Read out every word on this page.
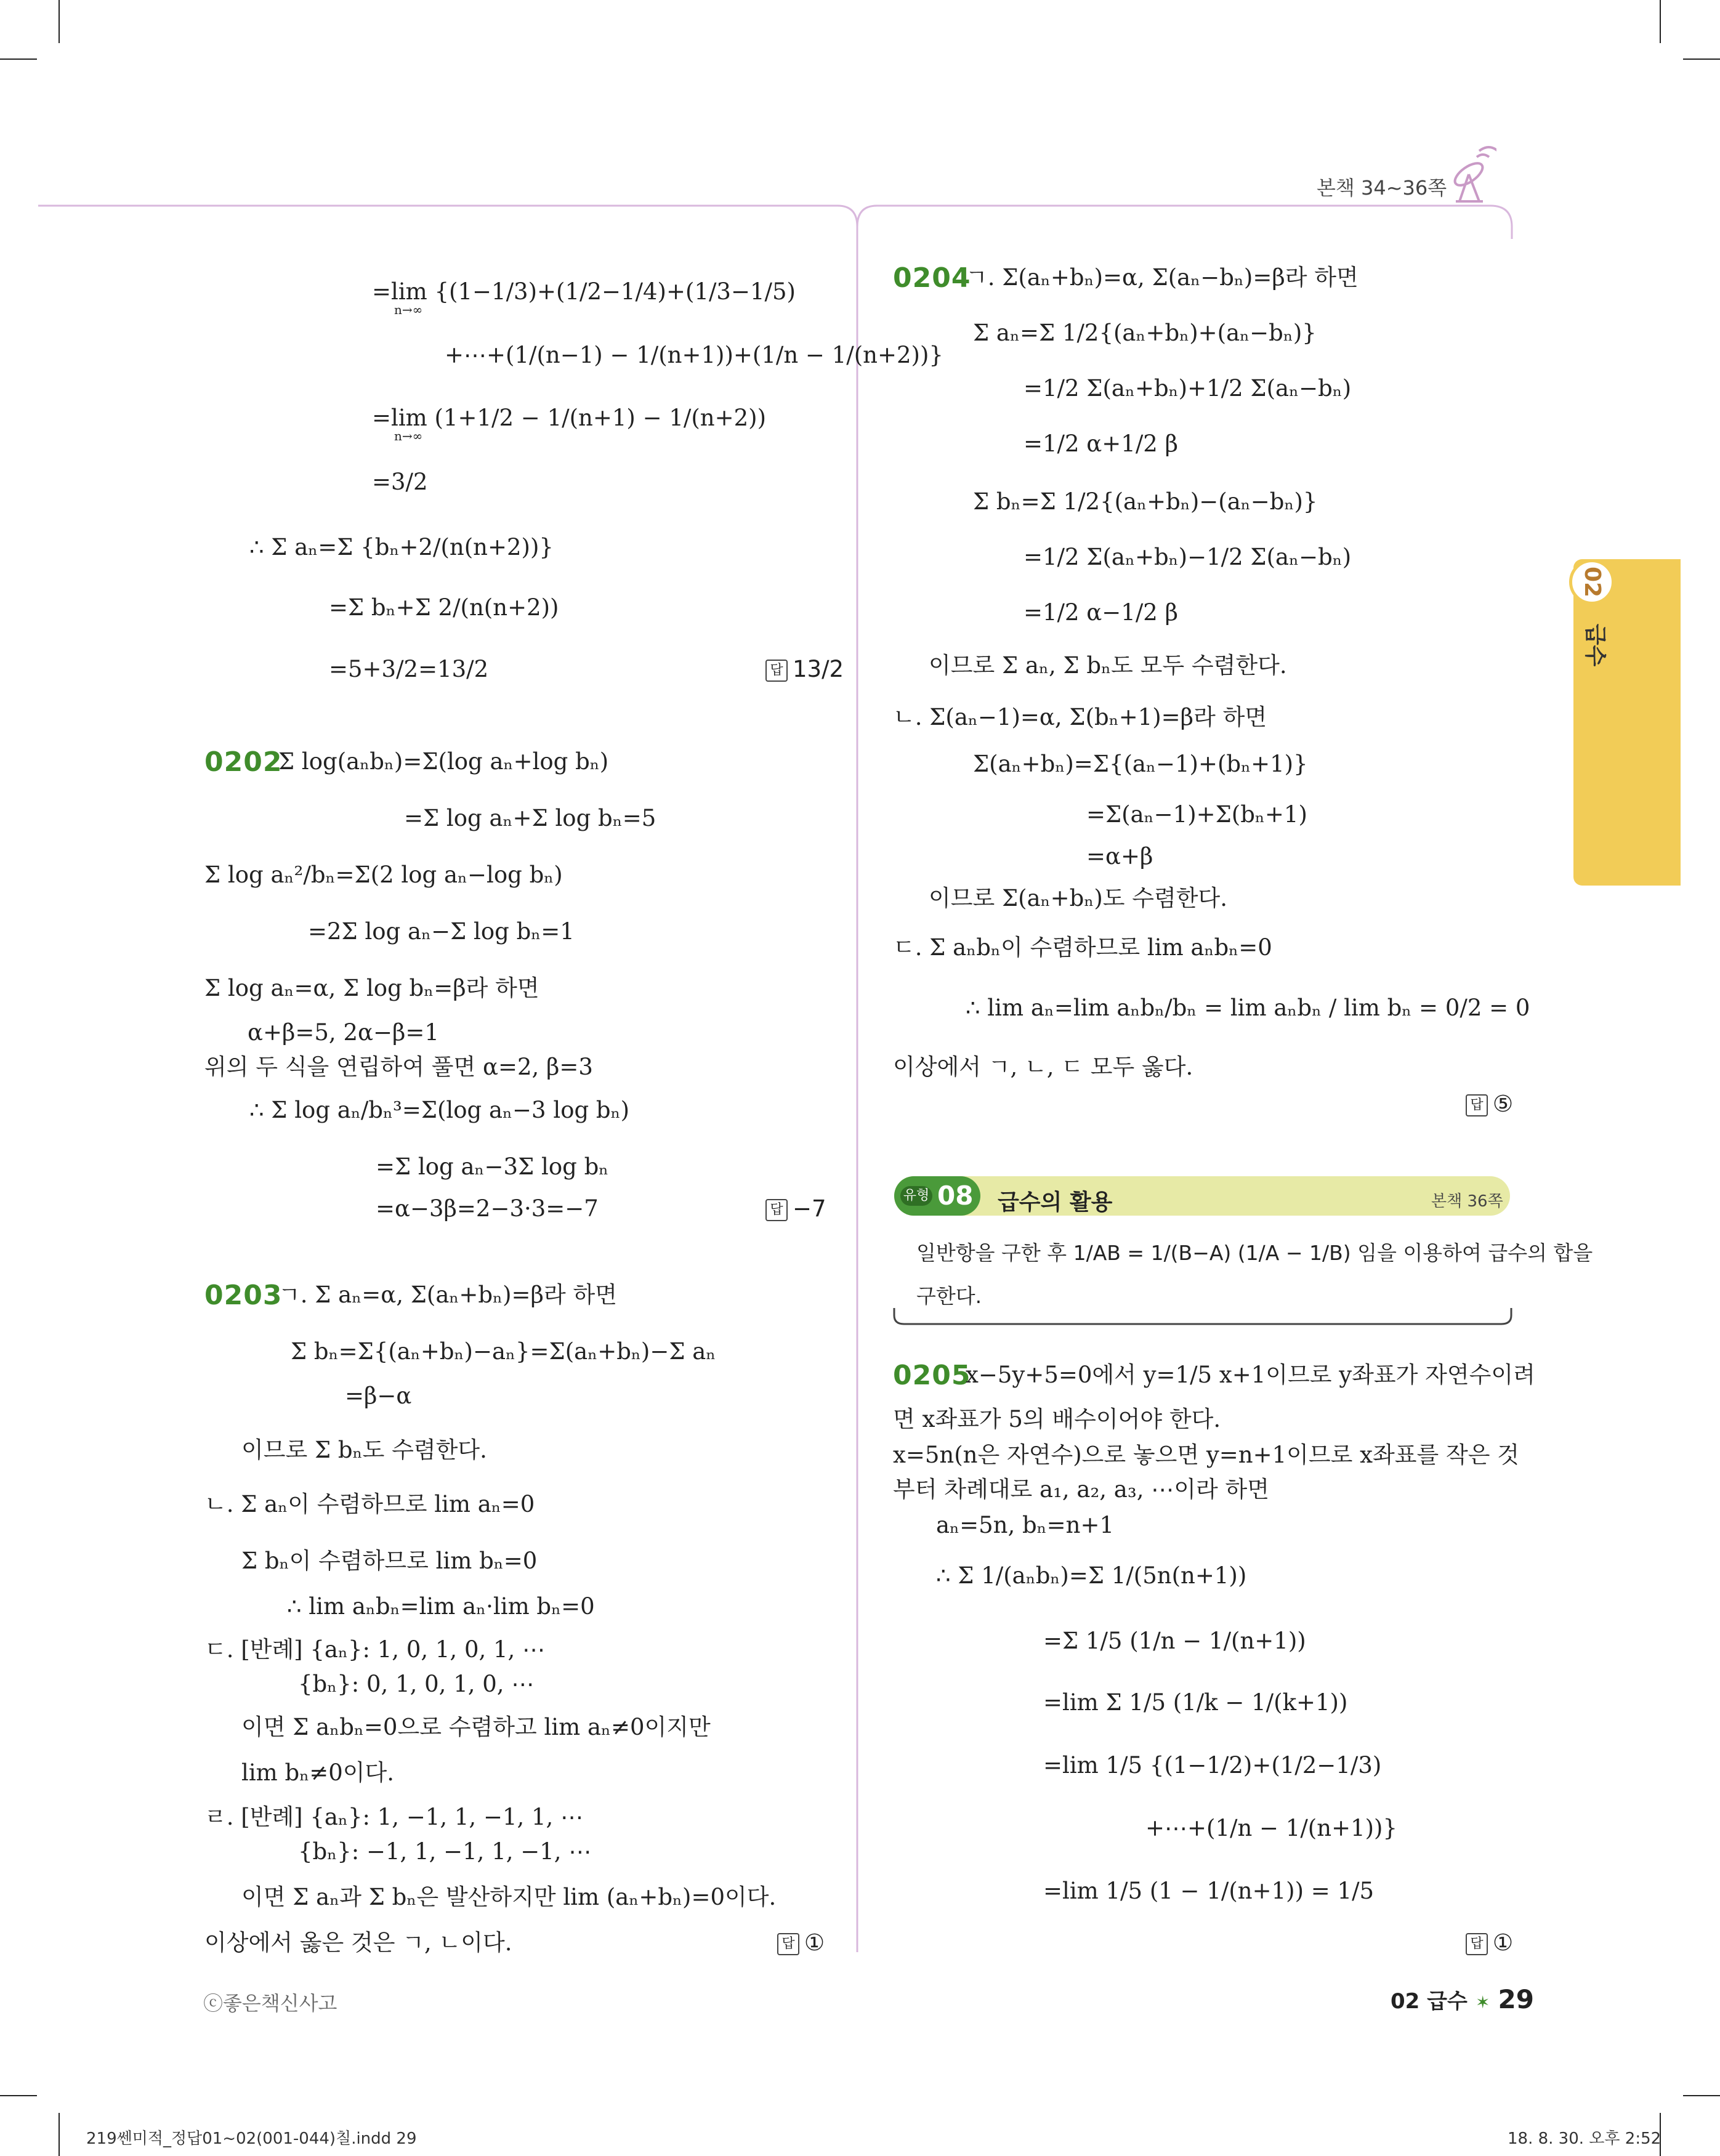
본책 34~36쪽
02
급수
=lim {(1−1/3)+(1/2−1/4)+(1/3−1/5)
n→∞
+⋯+(1/(n−1) − 1/(n+1))+(1/n − 1/(n+2))}
=lim (1+1/2 − 1/(n+1) − 1/(n+2))
n→∞
=3/2
∴ Σ aₙ=Σ {bₙ+2/(n(n+2))}
=Σ bₙ+Σ 2/(n(n+2))
=5+3/2=13/2	답 13/2
0202
Σ log(aₙbₙ)=Σ(log aₙ+log bₙ)
=Σ log aₙ+Σ log bₙ=5
Σ log aₙ²/bₙ=Σ(2 log aₙ−log bₙ)
=2Σ log aₙ−Σ log bₙ=1
Σ log aₙ=α, Σ log bₙ=β라 하면
α+β=5, 2α−β=1
위의 두 식을 연립하여 풀면 α=2, β=3
∴ Σ log aₙ/bₙ³=Σ(log aₙ−3 log bₙ)
=Σ log aₙ−3Σ log bₙ
=α−3β=2−3·3=−7	답 −7
0203
ㄱ. Σ aₙ=α, Σ(aₙ+bₙ)=β라 하면
Σ bₙ=Σ{(aₙ+bₙ)−aₙ}=Σ(aₙ+bₙ)−Σ aₙ
=β−α
이므로 Σ bₙ도 수렴한다.
ㄴ. Σ aₙ이 수렴하므로 lim aₙ=0
Σ bₙ이 수렴하므로 lim bₙ=0
∴ lim aₙbₙ=lim aₙ·lim bₙ=0
ㄷ. [반례] {aₙ}: 1, 0, 1, 0, 1, ⋯
{bₙ}: 0, 1, 0, 1, 0, ⋯
이면 Σ aₙbₙ=0으로 수렴하고 lim aₙ≠0이지만
lim bₙ≠0이다.
ㄹ. [반례] {aₙ}: 1, −1, 1, −1, 1, ⋯
{bₙ}: −1, 1, −1, 1, −1, ⋯
이면 Σ aₙ과 Σ bₙ은 발산하지만 lim (aₙ+bₙ)=0이다.
이상에서 옳은 것은 ㄱ, ㄴ이다.	답 ①
0204
ㄱ. Σ(aₙ+bₙ)=α, Σ(aₙ−bₙ)=β라 하면
Σ aₙ=Σ 1/2{(aₙ+bₙ)+(aₙ−bₙ)}
=1/2 Σ(aₙ+bₙ)+1/2 Σ(aₙ−bₙ)
=1/2 α+1/2 β
Σ bₙ=Σ 1/2{(aₙ+bₙ)−(aₙ−bₙ)}
=1/2 Σ(aₙ+bₙ)−1/2 Σ(aₙ−bₙ)
=1/2 α−1/2 β
이므로 Σ aₙ, Σ bₙ도 모두 수렴한다.
ㄴ. Σ(aₙ−1)=α, Σ(bₙ+1)=β라 하면
Σ(aₙ+bₙ)=Σ{(aₙ−1)+(bₙ+1)}
=Σ(aₙ−1)+Σ(bₙ+1)
=α+β
이므로 Σ(aₙ+bₙ)도 수렴한다.
ㄷ. Σ aₙbₙ이 수렴하므로 lim aₙbₙ=0
∴ lim aₙ=lim aₙbₙ/bₙ = lim aₙbₙ / lim bₙ = 0/2 = 0
이상에서 ㄱ, ㄴ, ㄷ 모두 옳다.
답 ⑤
유형 08 급수의 활용	본책 36쪽
일반항을 구한 후 1/AB = 1/(B−A) (1/A − 1/B) 임을 이용하여 급수의 합을
구한다.
0205
x−5y+5=0에서 y=1/5 x+1이므로 y좌표가 자연수이려
면 x좌표가 5의 배수이어야 한다.
x=5n(n은 자연수)으로 놓으면 y=n+1이므로 x좌표를 작은 것
부터 차례대로 a₁, a₂, a₃, ⋯이라 하면
aₙ=5n, bₙ=n+1
∴ Σ 1/(aₙbₙ)=Σ 1/(5n(n+1))
=Σ 1/5 (1/n − 1/(n+1))
=lim Σ 1/5 (1/k − 1/(k+1))
=lim 1/5 {(1−1/2)+(1/2−1/3)
+⋯+(1/n − 1/(n+1))}
=lim 1/5 (1 − 1/(n+1)) = 1/5
답 ①
ⓒ좋은책신사고	02 급수 ✶ 29
219쎈미적_정답01~02(001-044)칠.indd 29	18. 8. 30. 오후 2:52
